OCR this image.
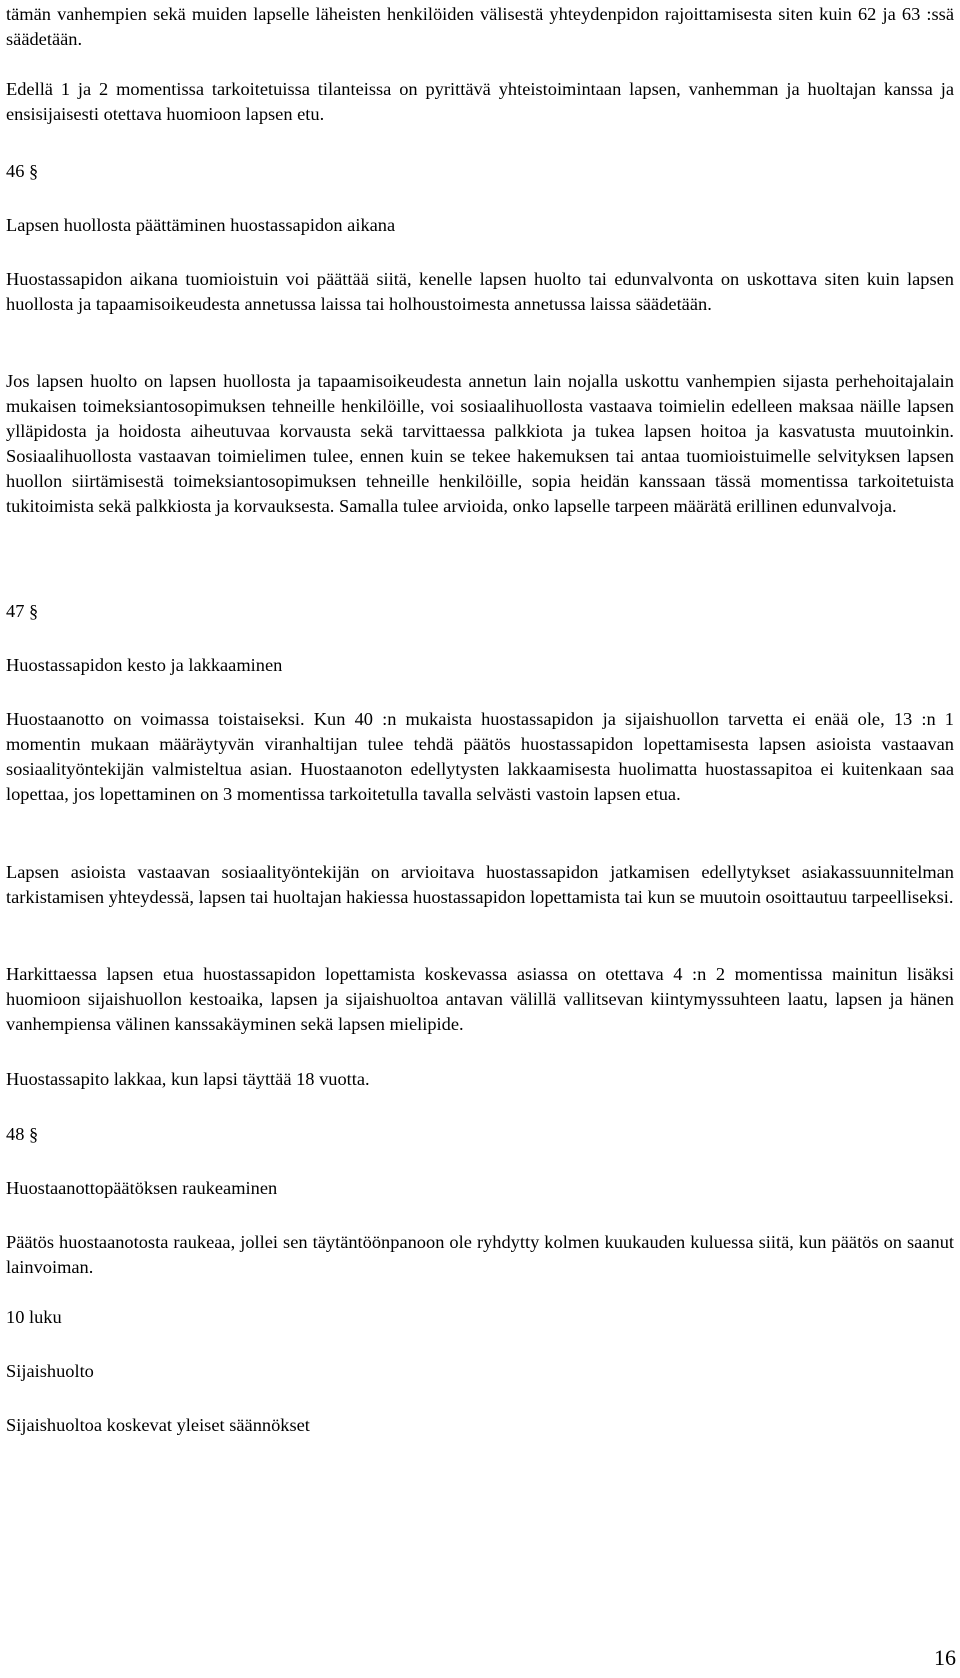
tämän vanhempien sekä muiden lapselle läheisten henkilöiden välisestä yhteydenpidon rajoittamisesta siten kuin 62 ja 63 :ssä säädetään.

Edellä 1 ja 2 momentissa tarkoitetuissa tilanteissa on pyrittävä yhteistoimintaan lapsen, vanhemman ja huoltajan kanssa ja ensisijaisesti otettava huomioon lapsen etu.

46 §

Lapsen huollosta päättäminen huostassapidon aikana

Huostassapidon aikana tuomioistuin voi päättää siitä, kenelle lapsen huolto tai edunvalvonta on uskottava siten kuin lapsen huollosta ja tapaamisoikeudesta annetussa laissa tai holhoustoimesta annetussa laissa säädetään.

Jos lapsen huolto on lapsen huollosta ja tapaamisoikeudesta annetun lain nojalla uskottu vanhempien sijasta perhehoitajalain mukaisen toimeksiantosopimuksen tehneille henkilöille, voi sosiaalihuollosta vastaava toimielin edelleen maksaa näille lapsen ylläpidosta ja hoidosta aiheutuvaa korvausta sekä tarvittaessa palkkiota ja tukea lapsen hoitoa ja kasvatusta muutoinkin. Sosiaalihuollosta vastaavan toimielimen tulee, ennen kuin se tekee hakemuksen tai antaa tuomioistuimelle selvityksen lapsen huollon siirtämisestä toimeksiantosopimuksen tehneille henkilöille, sopia heidän kanssaan tässä momentissa tarkoitetuista tukitoimista sekä palkkiosta ja korvauksesta. Samalla tulee arvioida, onko lapselle tarpeen määrätä erillinen edunvalvoja.

47 §

Huostassapidon kesto ja lakkaaminen

Huostaanotto on voimassa toistaiseksi. Kun 40 :n mukaista huostassapidon ja sijaishuollon tarvetta ei enää ole, 13 :n 1 momentin mukaan määräytyvän viranhaltijan tulee tehdä päätös huostassapidon lopettamisesta lapsen asioista vastaavan sosiaalityöntekijän valmisteltua asian. Huostaanoton edellytysten lakkaamisesta huolimatta huostassapitoa ei kuitenkaan saa lopettaa, jos lopettaminen on 3 momentissa tarkoitetulla tavalla selvästi vastoin lapsen etua.

Lapsen asioista vastaavan sosiaalityöntekijän on arvioitava huostassapidon jatkamisen edellytykset asiakassuunnitelman tarkistamisen yhteydessä, lapsen tai huoltajan hakiessa huostassapidon lopettamista tai kun se muutoin osoittautuu tarpeelliseksi.

Harkittaessa lapsen etua huostassapidon lopettamista koskevassa asiassa on otettava 4 :n 2 momentissa mainitun lisäksi huomioon sijaishuollon kestoaika, lapsen ja sijaishuoltoa antavan välillä vallitsevan kiintymyssuhteen laatu, lapsen ja hänen vanhempiensa välinen kanssakäyminen sekä lapsen mielipide.

Huostassapito lakkaa, kun lapsi täyttää 18 vuotta.

48 §

Huostaanottopäätöksen raukeaminen

Päätös huostaanotosta raukeaa, jollei sen täytäntöönpanoon ole ryhdytty kolmen kuukauden kuluessa siitä, kun päätös on saanut lainvoiman.

10 luku

Sijaishuolto

Sijaishuoltoa koskevat yleiset säännökset

16
